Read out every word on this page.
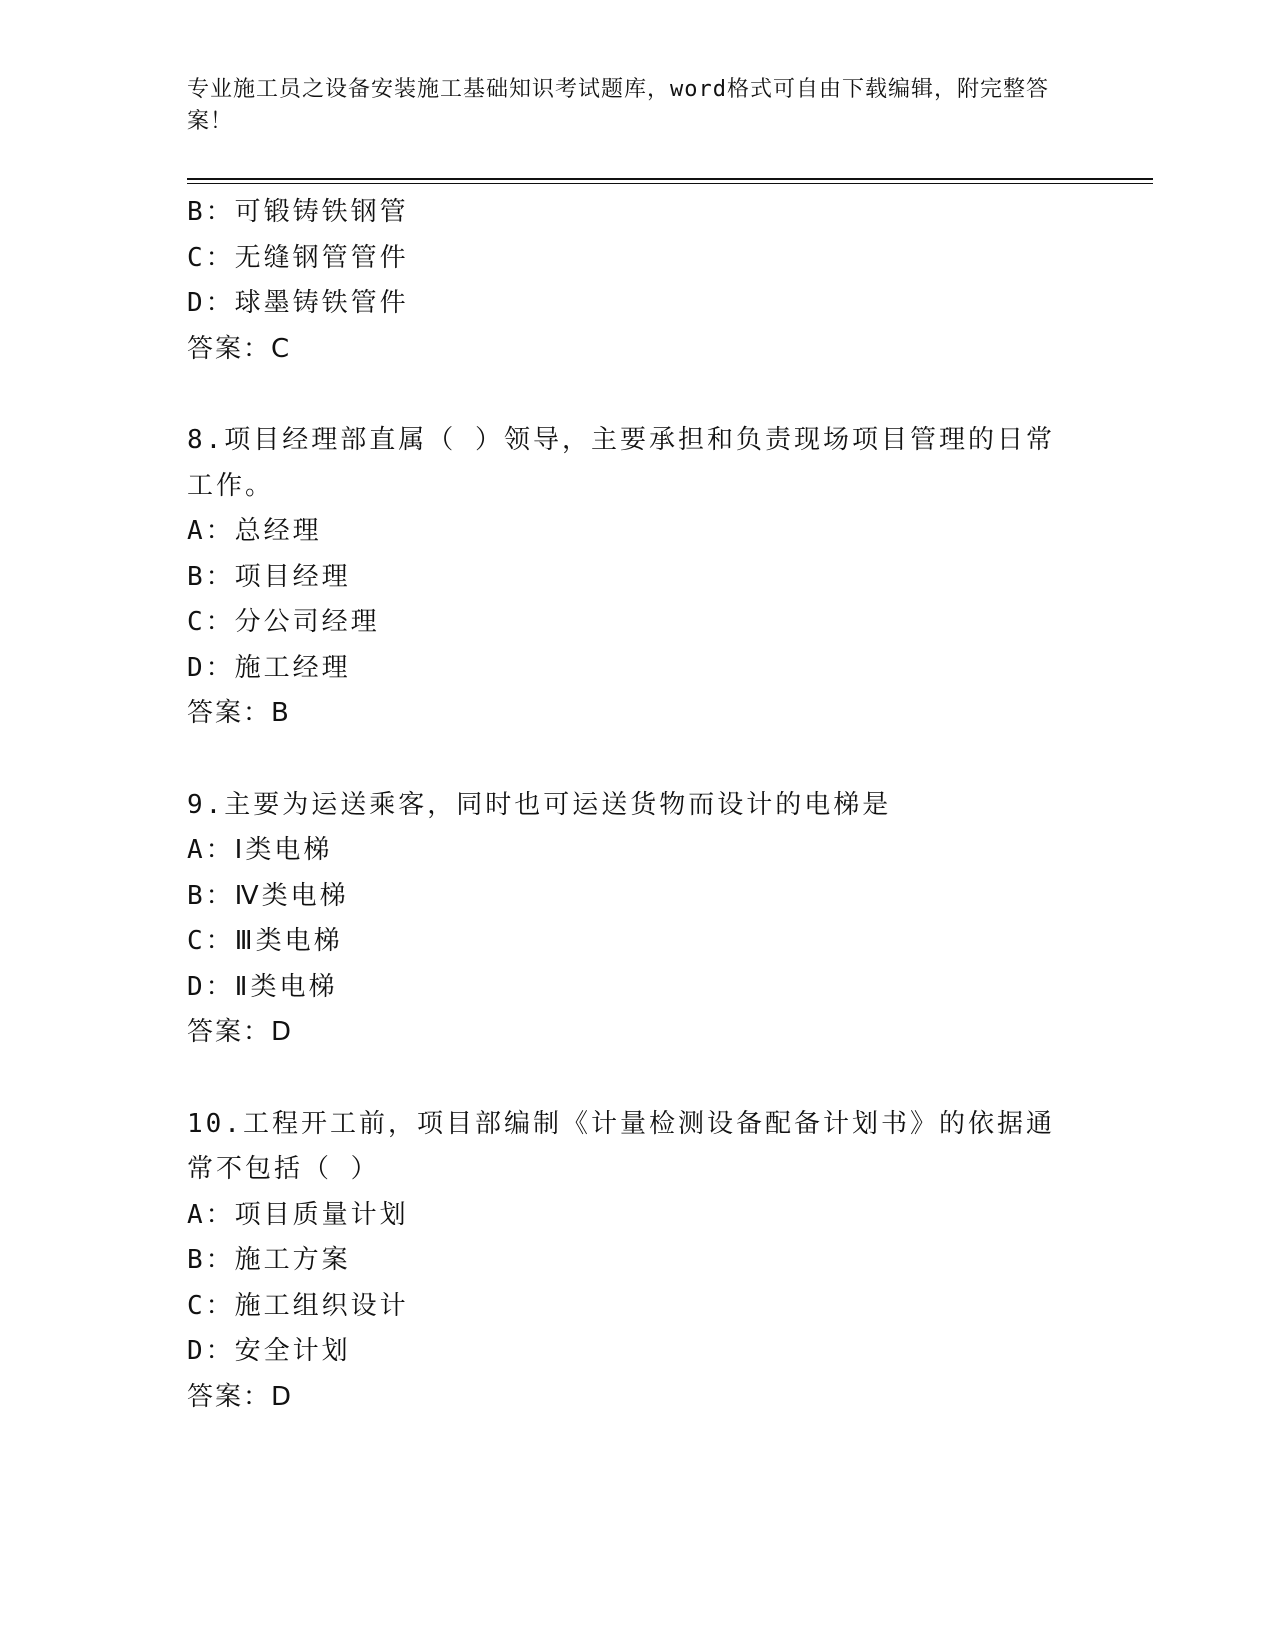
专业施工员之设备安装施工基础知识考试题库，word格式可自由下载编辑，附完整答案！
B：可锻铸铁钢管
C：无缝钢管管件
D：球墨铸铁管件
答案：C
8.项目经理部直属（ ）领导，主要承担和负责现场项目管理的日常工作。
A：总经理
B：项目经理
C：分公司经理
D：施工经理
答案：B
9.主要为运送乘客，同时也可运送货物而设计的电梯是
A：Ⅰ类电梯
B：Ⅳ类电梯
C：Ⅲ类电梯
D：Ⅱ类电梯
答案：D
10.工程开工前，项目部编制《计量检测设备配备计划书》的依据通常不包括（ ）
A：项目质量计划
B：施工方案
C：施工组织设计
D：安全计划
答案：D
